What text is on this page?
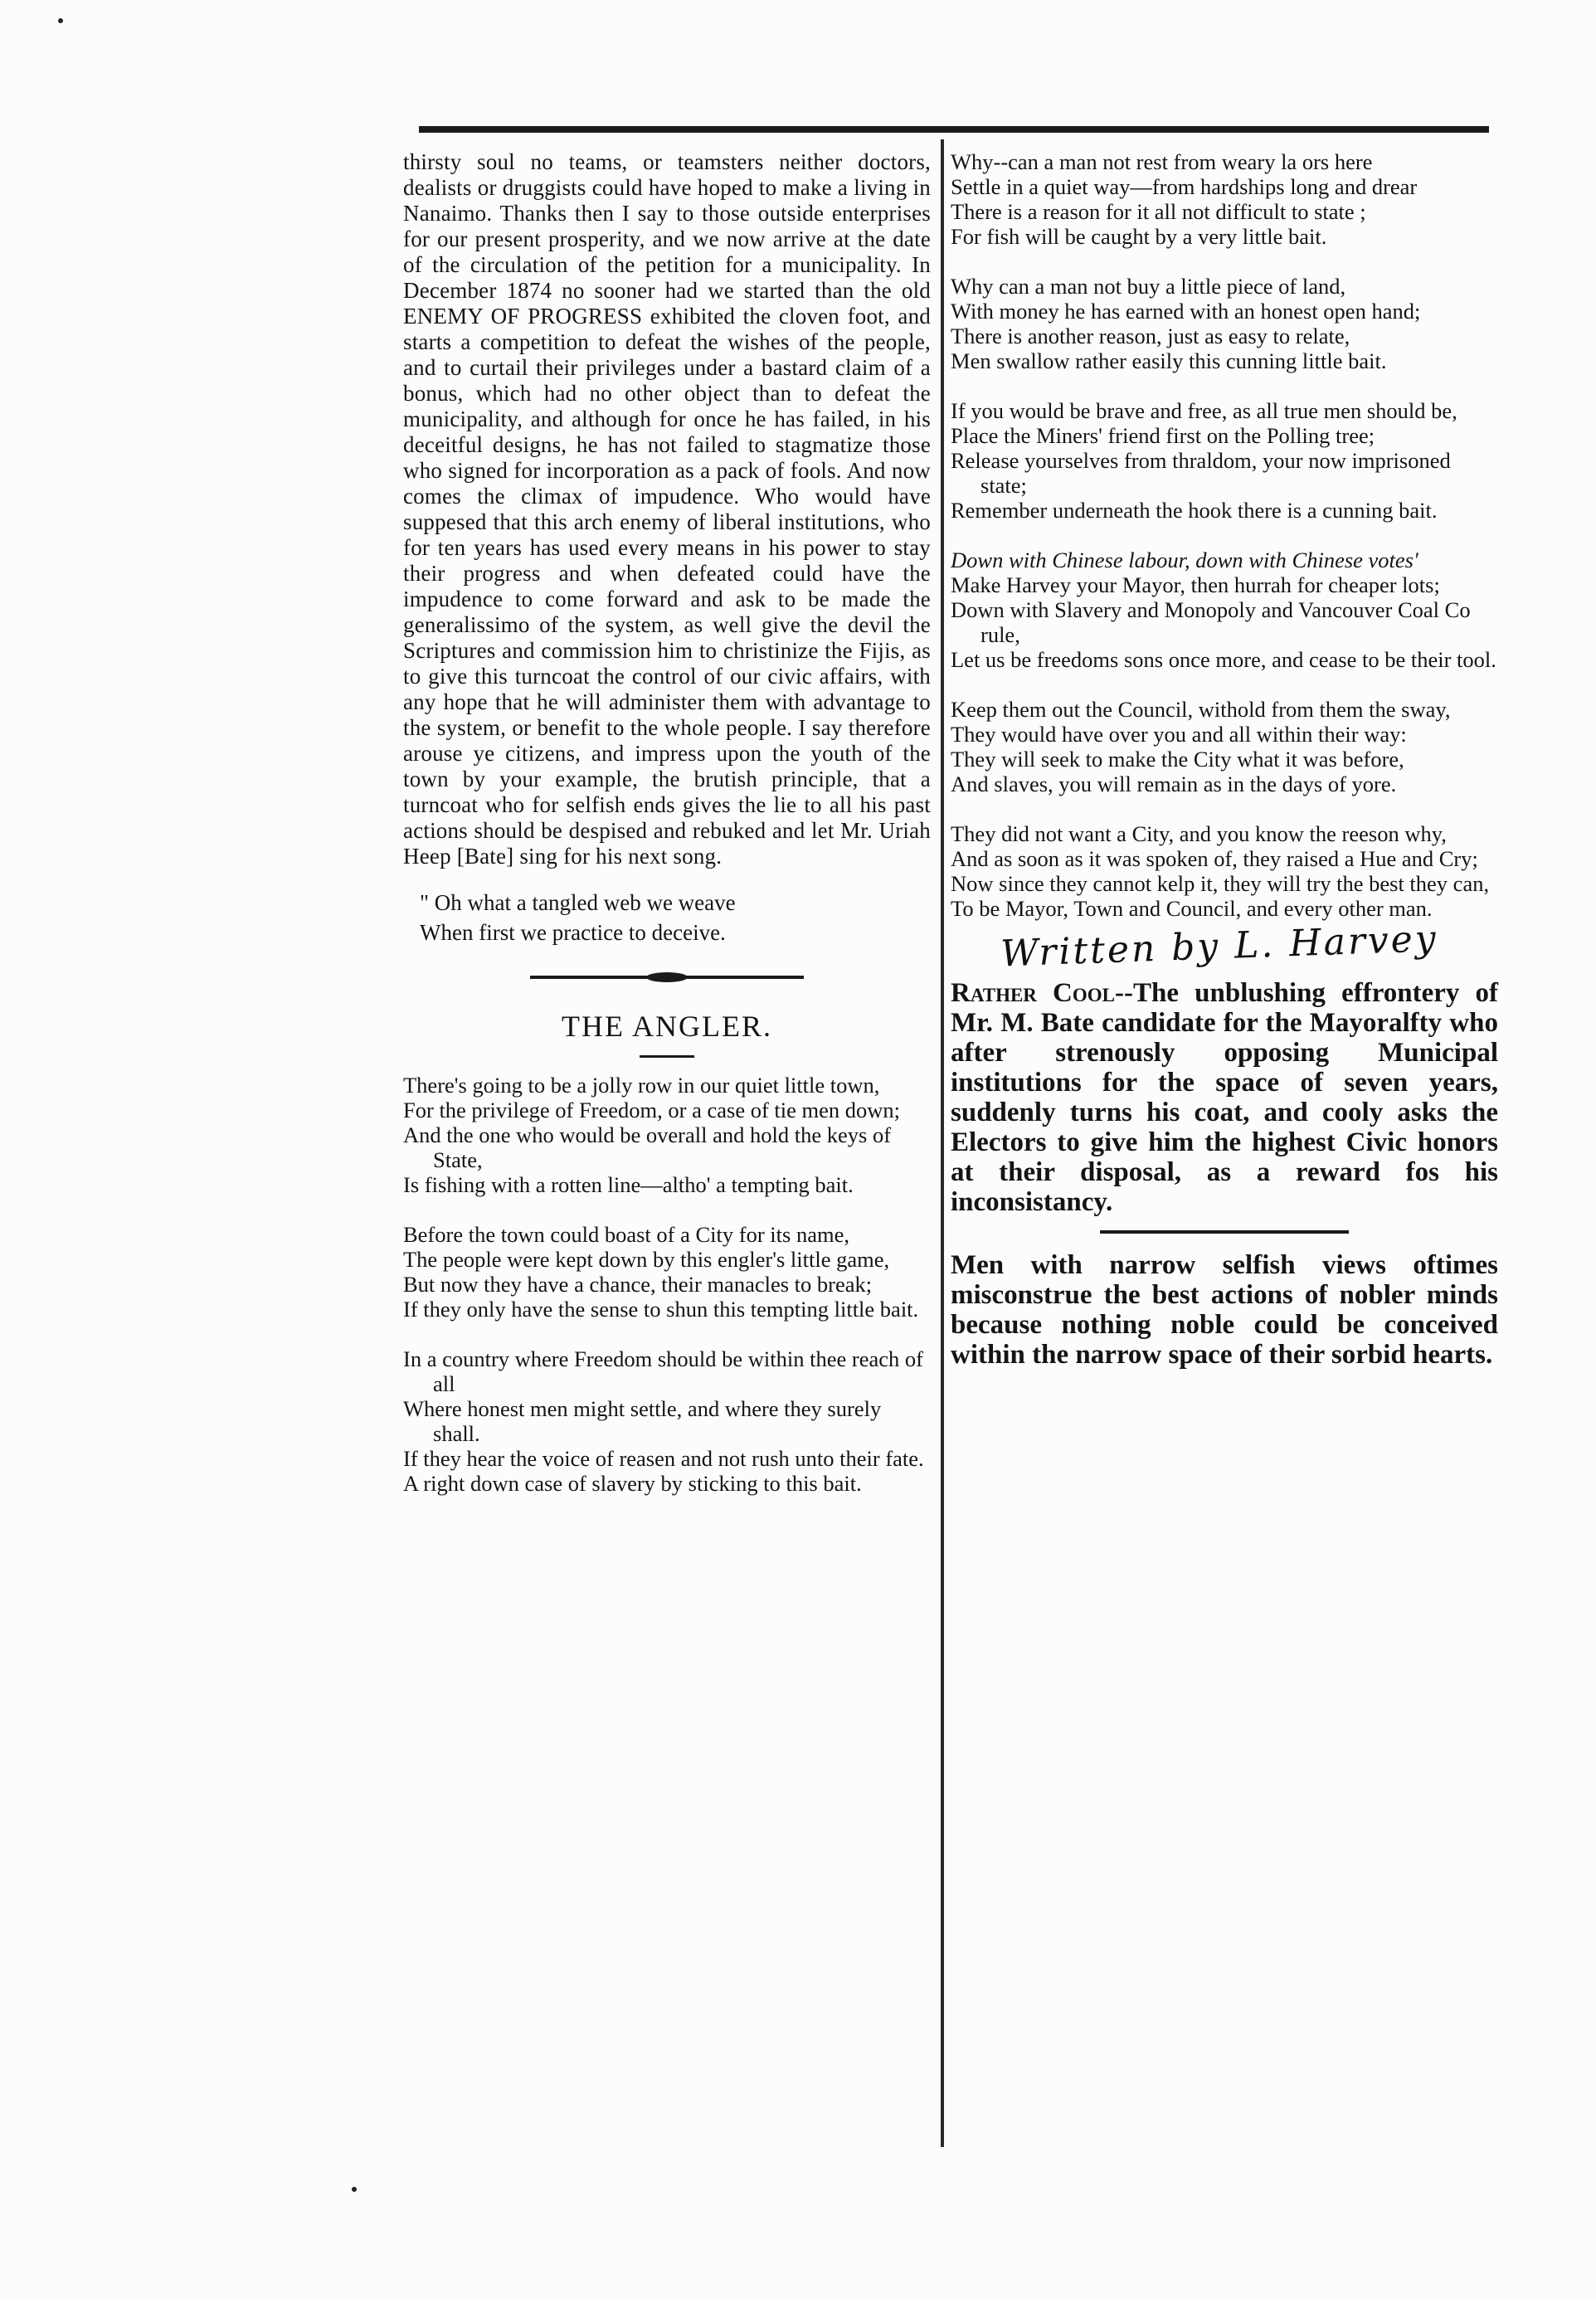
thirsty soul no teams, or teamsters neither doctors, dealists or druggists could have hoped to make a living in Nanaimo. Thanks then I say to those outside enterprises for our present prosperity, and we now arrive at the date of the circulation of the petition for a municipality. In December 1874 no sooner had we started than the old ENEMY OF PROGRESS exhibited the cloven foot, and starts a competition to defeat the wishes of the people, and to curtail their privileges under a bastard claim of a bonus, which had no other object than to defeat the municipality, and although for once he has failed, in his deceitful designs, he has not failed to stagmatize those who signed for incorporation as a pack of fools. And now comes the climax of impudence. Who would have suppesed that this arch enemy of liberal institutions, who for ten years has used every means in his power to stay their progress and when defeated could have the impudence to come forward and ask to be made the generalissimo of the system, as well give the devil the Scriptures and commission him to christinize the Fijis, as to give this turncoat the control of our civic affairs, with any hope that he will administer them with advantage to the system, or benefit to the whole people. I say therefore arouse ye citizens, and impress upon the youth of the town by your example, the brutish principle, that a turncoat who for selfish ends gives the lie to all his past actions should be despised and rebuked and let Mr. Uriah Heep [Bate] sing for his next song.

" Oh what a tangled web we weave
When first we practice to deceive.
THE ANGLER.

There's going to be a jolly row in our quiet little town,

For the privilege of Freedom, or a case of tie men down;

And the one who would be overall and hold the keys of State,

Is fishing with a rotten line—altho' a tempting bait.

Before the town could boast of a City for its name,

The people were kept down by this engler's little game,

But now they have a chance, their manacles to break;

If they only have the sense to shun this tempting little bait.

In a country where Freedom should be within thee reach of all

Where honest men might settle, and where they surely shall.

If they hear the voice of reasen and not rush unto their fate.

A right down case of slavery by sticking to this bait.

Why--can a man not rest from weary la ors here

Settle in a quiet way—from hardships long and drear

There is a reason for it all not difficult to state ;

For fish will be caught by a very little bait.

Why can a man not buy a little piece of land,

With money he has earned with an honest open hand;

There is another reason, just as easy to relate,

Men swallow rather easily this cunning little bait.

If you would be brave and free, as all true men should be,

Place the Miners' friend first on the Polling tree;

Release yourselves from thraldom, your now imprisoned state;

Remember underneath the hook there is a cunning bait.

Down with Chinese labour, down with Chinese votes'

Make Harvey your Mayor, then hurrah for cheaper lots;

Down with Slavery and Monopoly and Vancouver Coal Co rule,

Let us be freedoms sons once more, and cease to be their tool.

Keep them out the Council, withold from them the sway,

They would have over you and all within their way:

They will seek to make the City what it was before,

And slaves, you will remain as in the days of yore.

They did not want a City, and you know the reeson why,

And as soon as it was spoken of, they raised a Hue and Cry;

Now since they cannot kelp it, they will try the best they can,

To be Mayor, Town and Council, and every other man.

Written by L. Harvey

Rather Cool--The unblushing effrontery of Mr. M. Bate candidate for the Mayoralfty who after strenously opposing Municipal institutions for the space of seven years, suddenly turns his coat, and cooly asks the Electors to give him the highest Civic honors at their disposal, as a reward fos his inconsistancy.

Men with narrow selfish views oftimes misconstrue the best actions of nobler minds because nothing noble could be conceived within the narrow space of their sorbid hearts.
